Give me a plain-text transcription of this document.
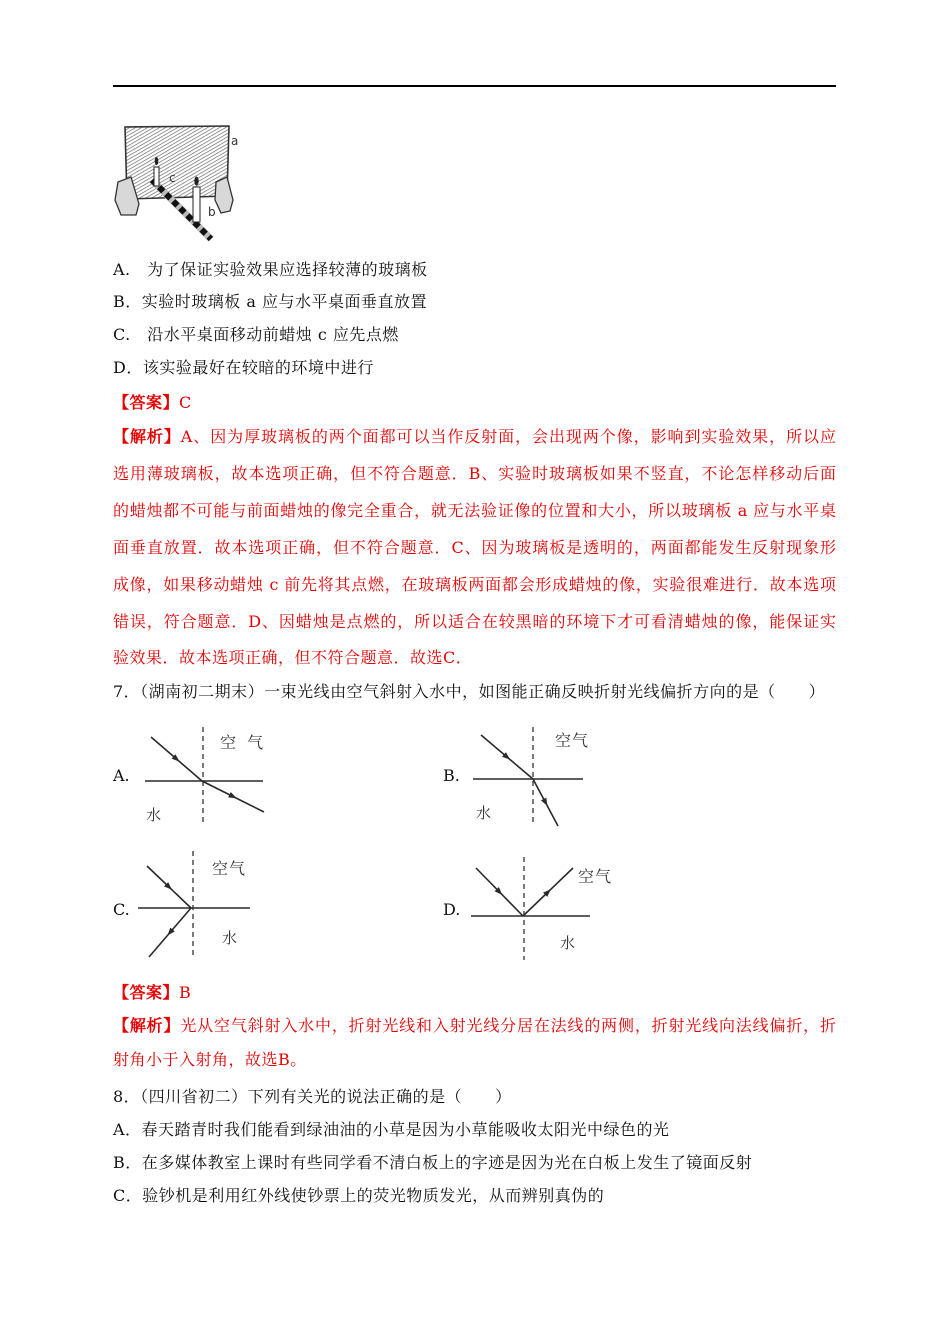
a
c
b
A.　为了保证实验效果应选择较薄的玻璃板
B．实验时玻璃板 a 应与水平桌面垂直放置
C.　沿水平桌面移动前蜡烛 c 应先点燃
D．该实验最好在较暗的环境中进行
【答案】C
【解析】A、因为厚玻璃板的两个面都可以当作反射面，会出现两个像，影响到实验效果，所以应
选用薄玻璃板，故本选项正确，但不符合题意．B、实验时玻璃板如果不竖直，不论怎样移动后面
的蜡烛都不可能与前面蜡烛的像完全重合，就无法验证像的位置和大小，所以玻璃板 a 应与水平桌
面垂直放置．故本选项正确，但不符合题意．C、因为玻璃板是透明的，两面都能发生反射现象形
成像，如果移动蜡烛 c 前先将其点燃，在玻璃板两面都会形成蜡烛的像，实验很难进行．故本选项
错误，符合题意．D、因蜡烛是点燃的，所以适合在较黑暗的环境下才可看清蜡烛的像，能保证实
验效果．故本选项正确，但不符合题意．故选C．
7．（湖南初二期末）一束光线由空气斜射入水中，如图能正确反映折射光线偏折方向的是（　　）
A.	B.
C.	D.
空 气
水
空气
水
空气
水
空气
水
【答案】B
【解析】光从空气斜射入水中，折射光线和入射光线分居在法线的两侧，折射光线向法线偏折，折
射角小于入射角，故选B。
8．（四川省初二）下列有关光的说法正确的是（　　）
A．春天踏青时我们能看到绿油油的小草是因为小草能吸收太阳光中绿色的光
B．在多媒体教室上课时有些同学看不清白板上的字迹是因为光在白板上发生了镜面反射
C．验钞机是利用红外线使钞票上的荧光物质发光，从而辨别真伪的
